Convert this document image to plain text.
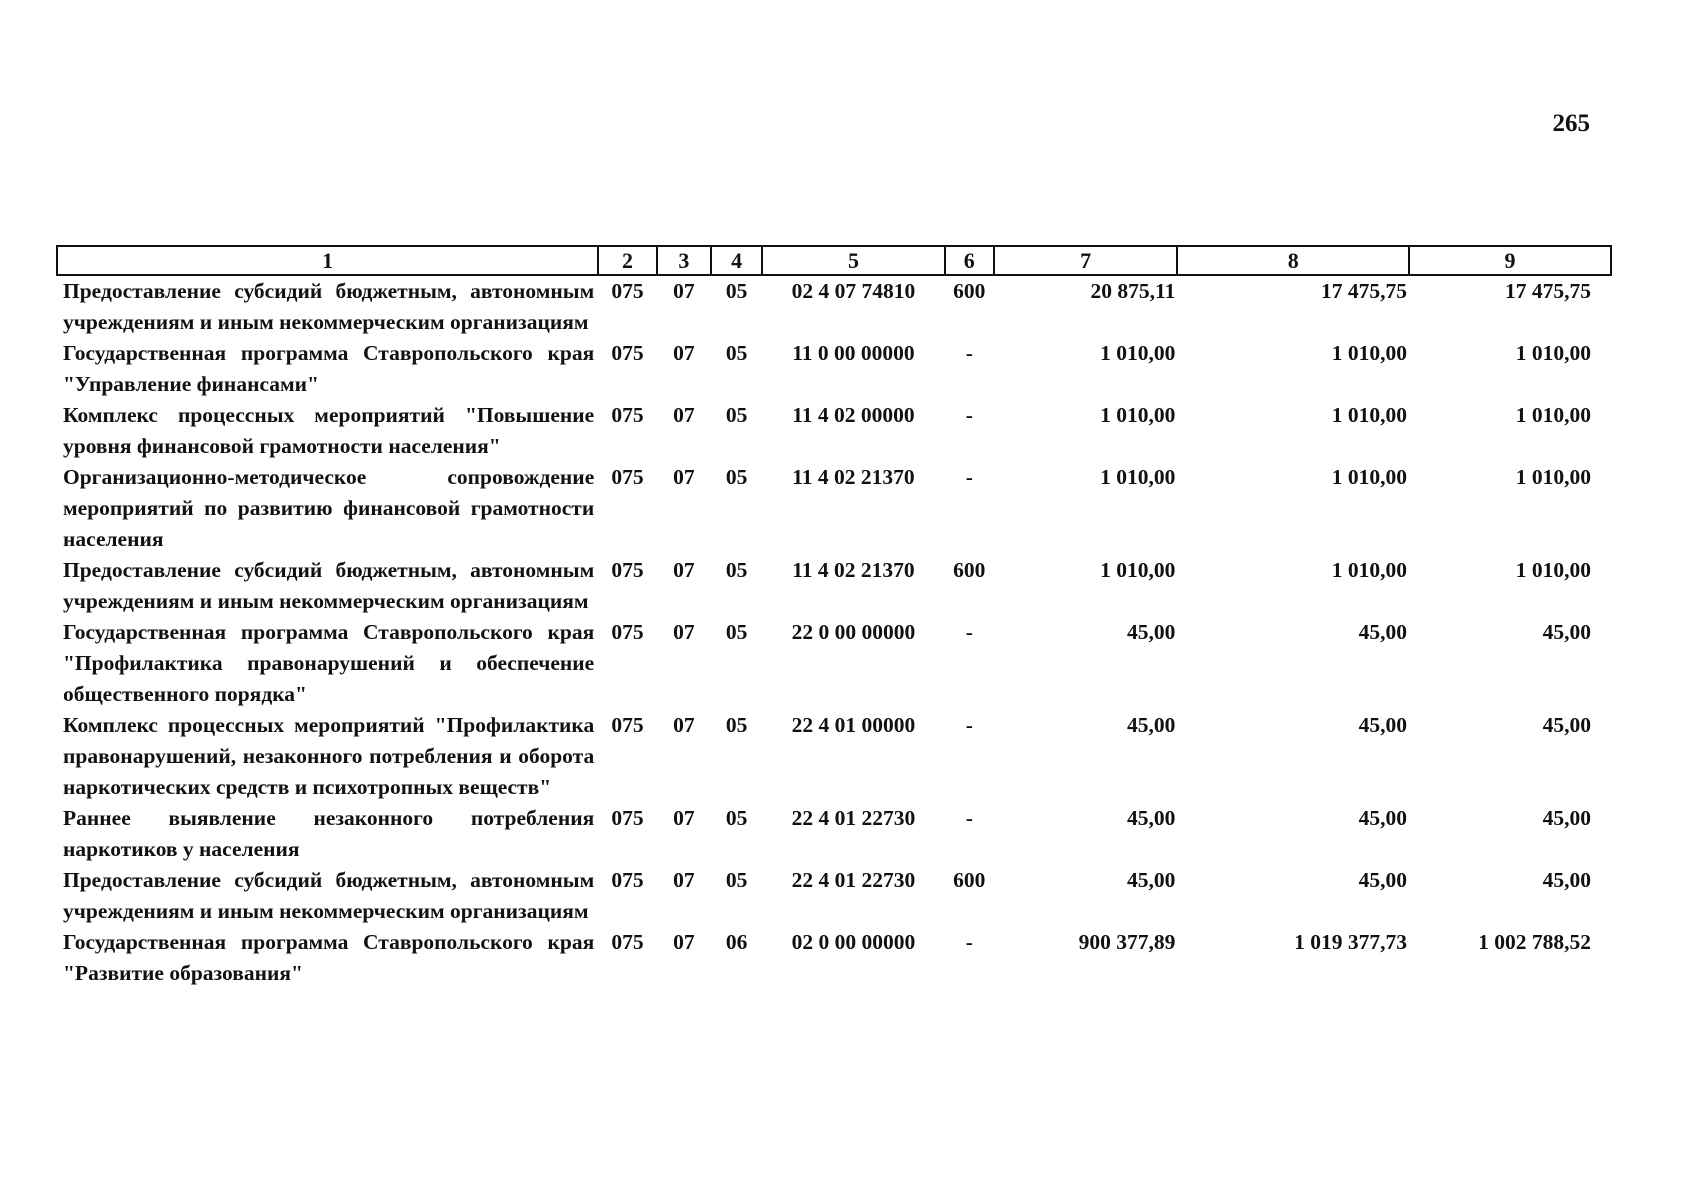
265
1	2	3	4	5	6	7	8	9
Предоставление субсидий бюджетным, автономным учреждениям и иным некоммерческим организациям	075	07	05	02 4 07 74810	600	20 875,11	17 475,75	17 475,75
Государственная программа Ставропольского края "Управление финансами"	075	07	05	11 0 00 00000	-	1 010,00	1 010,00	1 010,00
Комплекс процессных мероприятий "Повышение уровня финансовой грамотности населения"	075	07	05	11 4 02 00000	-	1 010,00	1 010,00	1 010,00
Организационно-методическое сопровождение мероприятий по развитию финансовой грамотности населения	075	07	05	11 4 02 21370	-	1 010,00	1 010,00	1 010,00
Предоставление субсидий бюджетным, автономным учреждениям и иным некоммерческим организациям	075	07	05	11 4 02 21370	600	1 010,00	1 010,00	1 010,00
Государственная программа Ставропольского края "Профилактика правонарушений и обеспечение общественного порядка"	075	07	05	22 0 00 00000	-	45,00	45,00	45,00
Комплекс процессных мероприятий "Профилактика правонарушений, незаконного потребления и оборота наркотических средств и психотропных веществ"	075	07	05	22 4 01 00000	-	45,00	45,00	45,00
Раннее выявление незаконного потребления наркотиков у населения	075	07	05	22 4 01 22730	-	45,00	45,00	45,00
Предоставление субсидий бюджетным, автономным учреждениям и иным некоммерческим организациям	075	07	05	22 4 01 22730	600	45,00	45,00	45,00
Государственная программа Ставропольского края "Развитие образования"	075	07	06	02 0 00 00000	-	900 377,89	1 019 377,73	1 002 788,52
